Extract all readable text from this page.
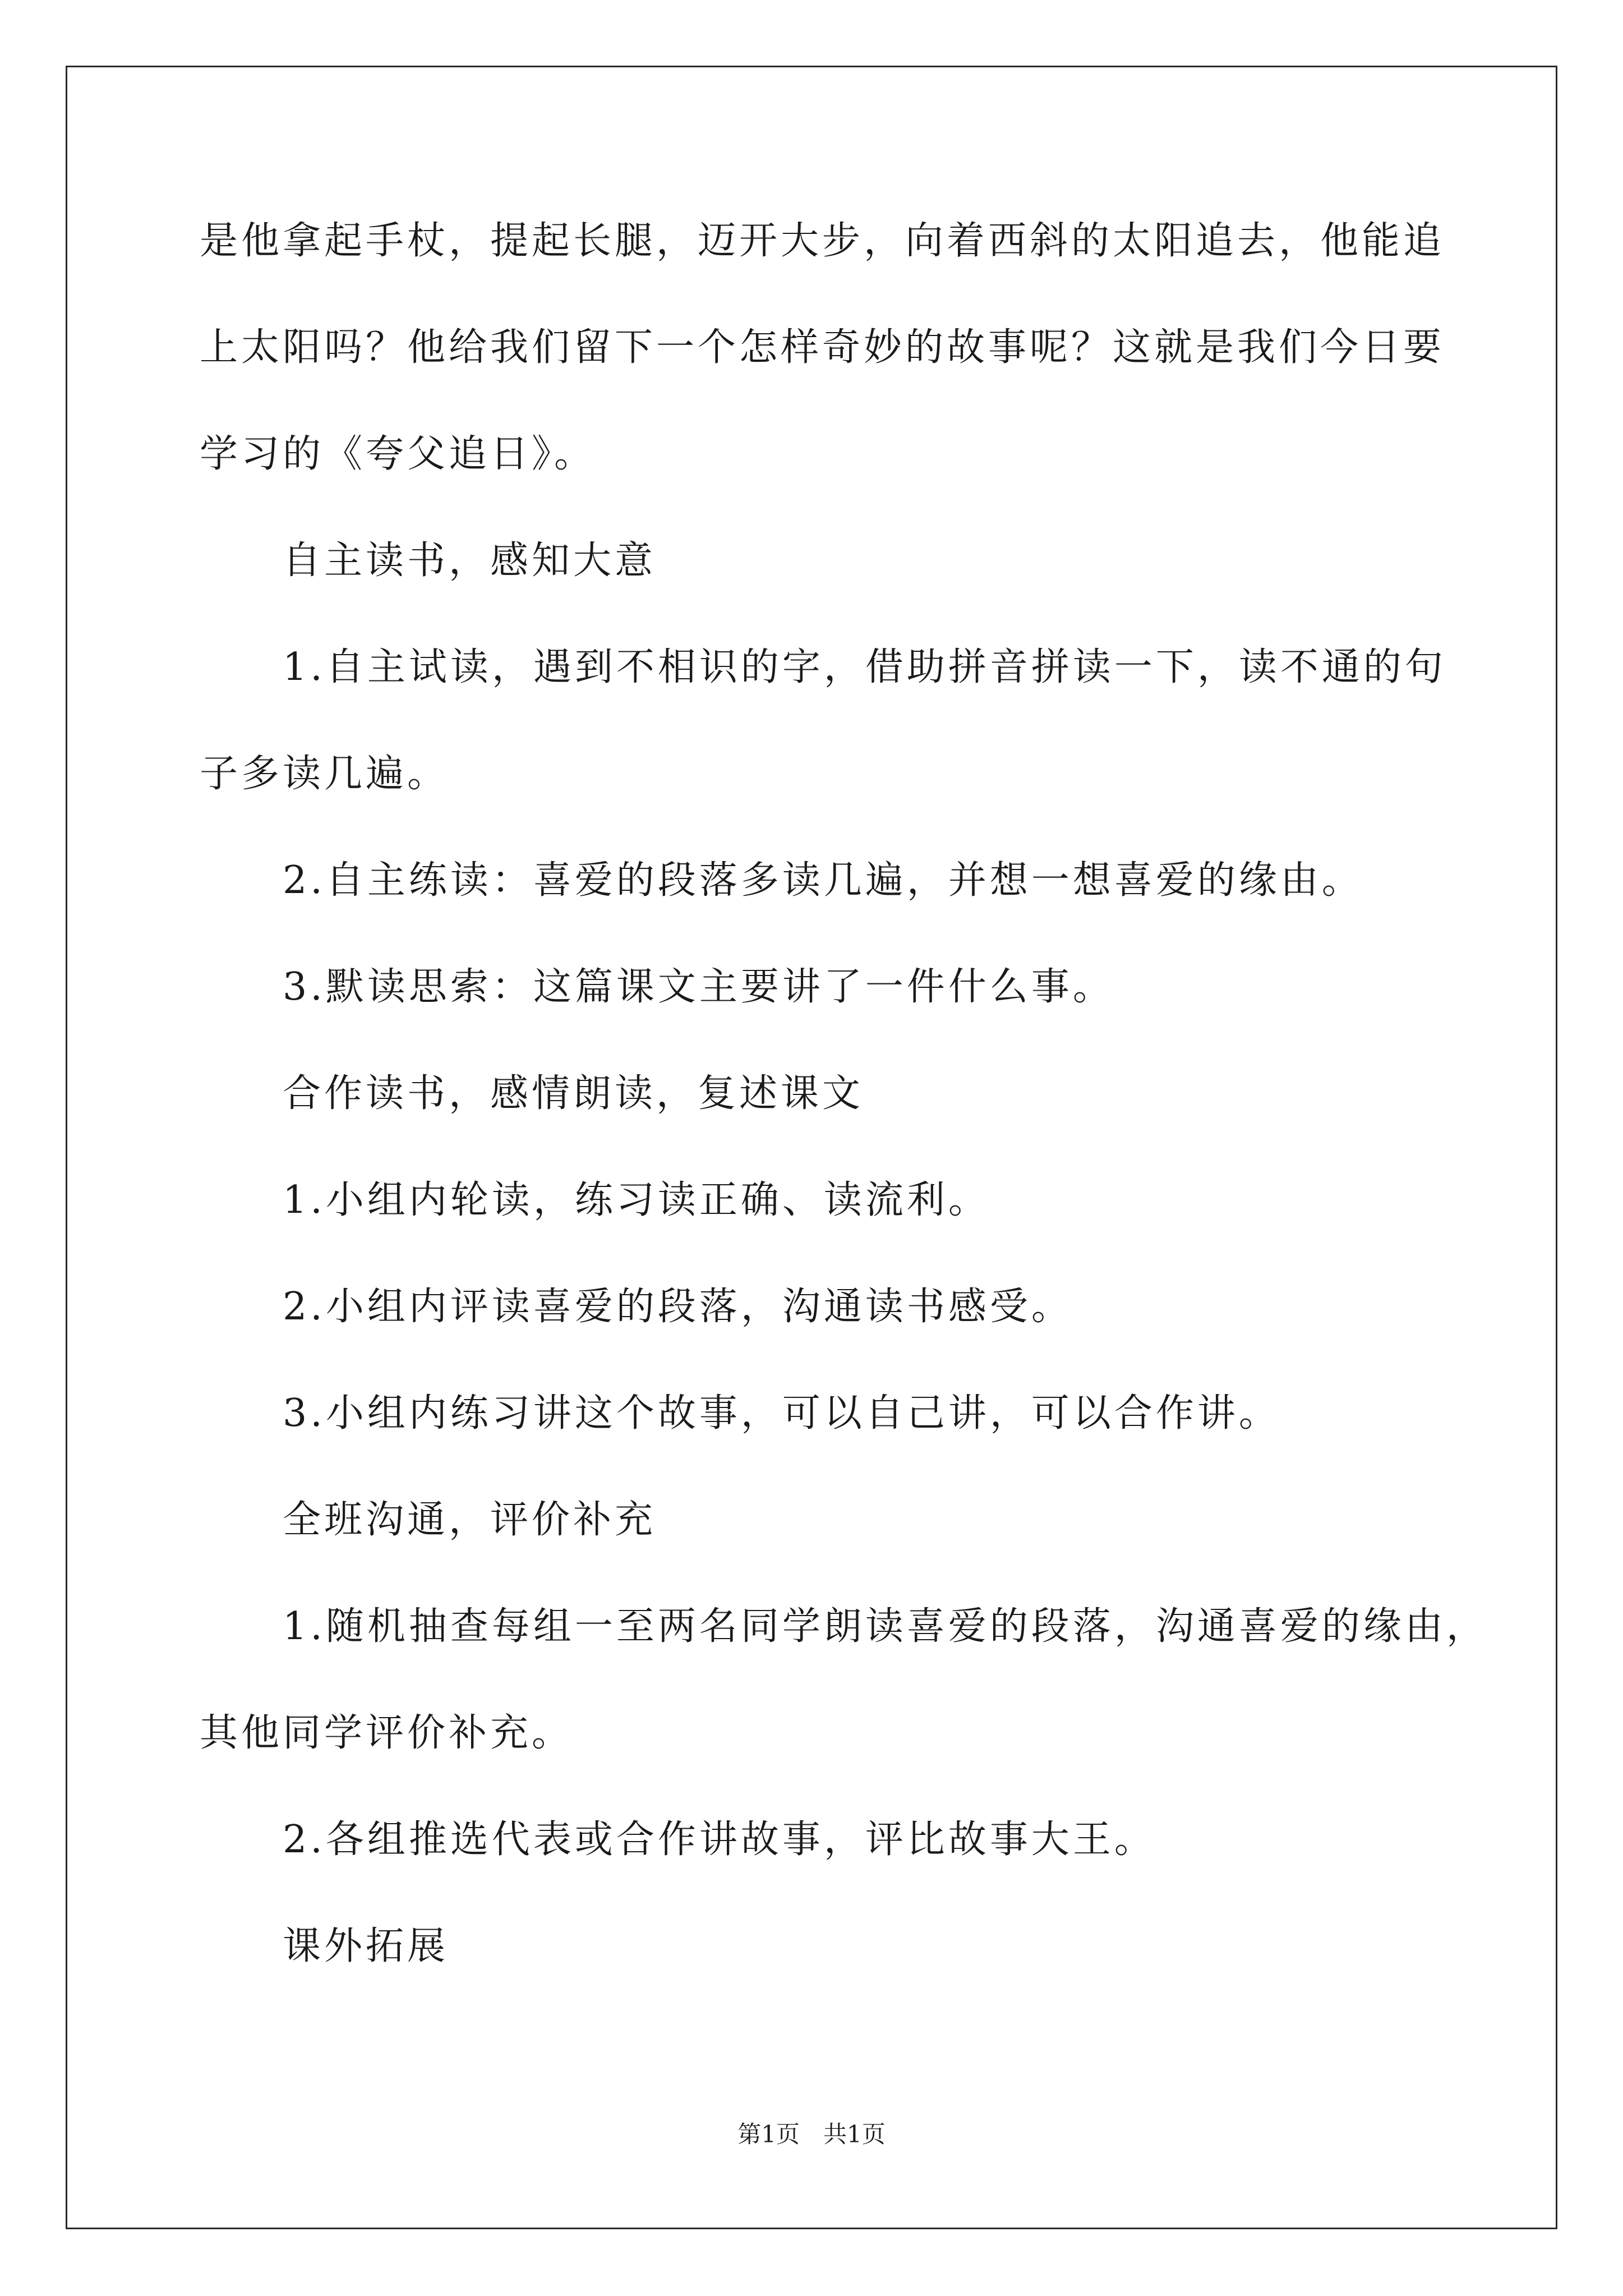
是他拿起手杖，提起长腿，迈开大步，向着西斜的太阳追去，他能追
上太阳吗？他给我们留下一个怎样奇妙的故事呢？这就是我们今日要
学习的《夸父追日》。
自主读书，感知大意
1.自主试读，遇到不相识的字，借助拼音拼读一下，读不通的句
子多读几遍。
2.自主练读：喜爱的段落多读几遍，并想一想喜爱的缘由。
3.默读思索：这篇课文主要讲了一件什么事。
合作读书，感情朗读，复述课文
1.小组内轮读，练习读正确、读流利。
2.小组内评读喜爱的段落，沟通读书感受。
3.小组内练习讲这个故事，可以自己讲，可以合作讲。
全班沟通，评价补充
1.随机抽查每组一至两名同学朗读喜爱的段落，沟通喜爱的缘由，
其他同学评价补充。
2.各组推选代表或合作讲故事，评比故事大王。
课外拓展
第1页　共1页
